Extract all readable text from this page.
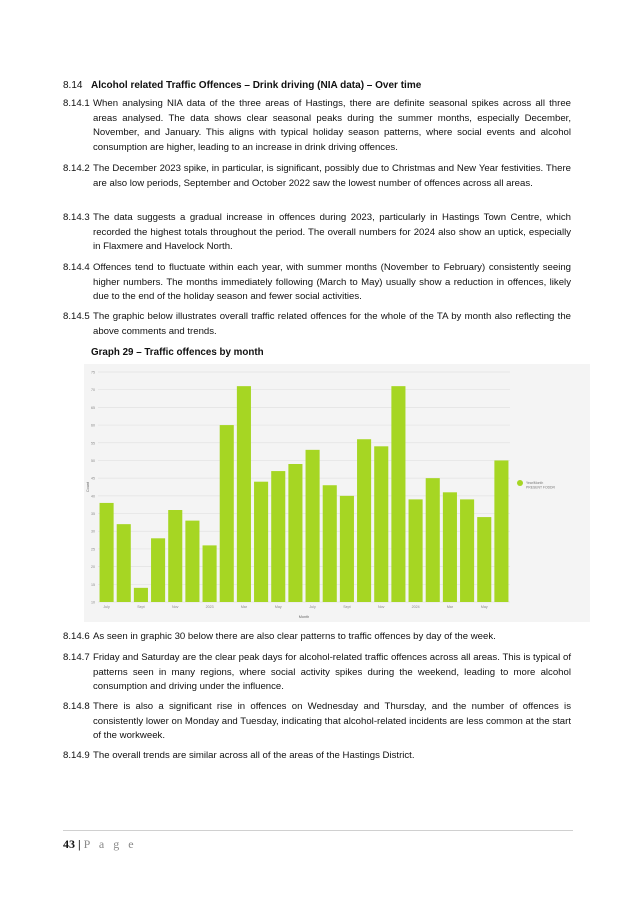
8.14 Alcohol related Traffic Offences – Drink driving (NIA data) – Over time
8.14.1 When analysing NIA data of the three areas of Hastings, there are definite seasonal spikes across all three areas analysed. The data shows clear seasonal peaks during the summer months, especially December, November, and January. This aligns with typical holiday season patterns, where social events and alcohol consumption are higher, leading to an increase in drink driving offences.
8.14.2 The December 2023 spike, in particular, is significant, possibly due to Christmas and New Year festivities. There are also low periods, September and October 2022 saw the lowest number of offences across all areas.
8.14.3 The data suggests a gradual increase in offences during 2023, particularly in Hastings Town Centre, which recorded the highest totals throughout the period. The overall numbers for 2024 also show an uptick, especially in Flaxmere and Havelock North.
8.14.4 Offences tend to fluctuate within each year, with summer months (November to February) consistently seeing higher numbers. The months immediately following (March to May) usually show a reduction in offences, likely due to the end of the holiday season and fewer social activities.
8.14.5 The graphic below illustrates overall traffic related offences for the whole of the TA by month also reflecting the above comments and trends.
Graph 29 – Traffic offences by month
10
15
20
25
30
35
40
45
50
55
60
65
70
75
July	Sept	Nov	2023	Mar	May	July	Sept	Nov	2024	Mar	May
Month
Count	Year/Month
PRESENT FODDR
8.14.6 As seen in graphic 30 below there are also clear patterns to traffic offences by day of the week.
8.14.7 Friday and Saturday are the clear peak days for alcohol-related traffic offences across all areas. This is typical of patterns seen in many regions, where social activity spikes during the weekend, leading to more alcohol consumption and driving under the influence.
8.14.8 There is also a significant rise in offences on Wednesday and Thursday, and the number of offences is consistently lower on Monday and Tuesday, indicating that alcohol-related incidents are less common at the start of the workweek.
8.14.9 The overall trends are similar across all of the areas of the Hastings District.
43 | P a g e
